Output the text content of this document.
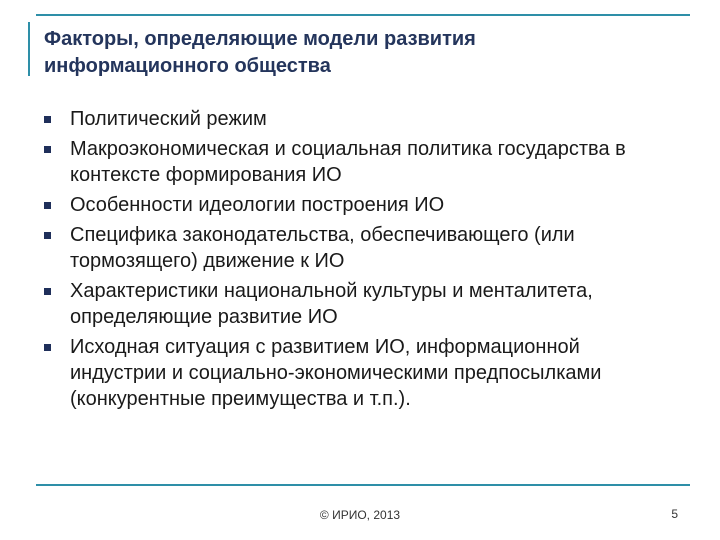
Факторы, определяющие модели развития
информационного общества
Политический режим
Макроэкономическая и социальная политика государства в контексте формирования ИО
Особенности идеологии построения ИО
Специфика законодательства, обеспечивающего (или тормозящего) движение к ИО
Характеристики национальной культуры и менталитета, определяющие развитие ИО
Исходная ситуация с развитием ИО, информационной индустрии и социально-экономическими предпосылками (конкурентные преимущества и т.п.).
© ИРИО, 2013	5
